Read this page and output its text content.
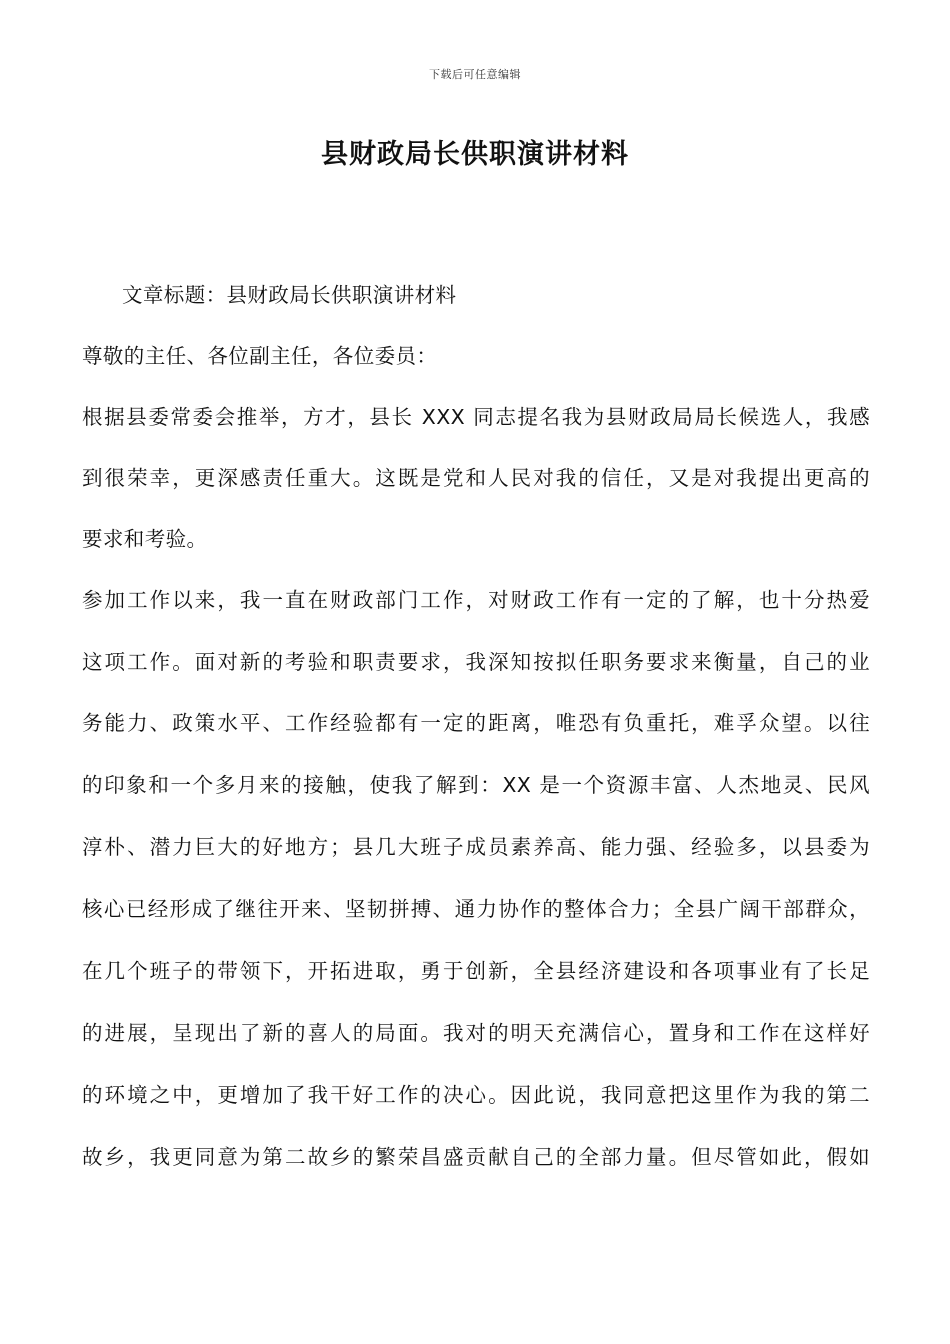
下载后可任意编辑
县财政局长供职演讲材料
文章标题：县财政局长供职演讲材料
尊敬的主任、各位副主任，各位委员：
根据县委常委会推举，方才，县长 XXX 同志提名我为县财政局局长候选人，我感
到很荣幸，更深感责任重大。这既是党和人民对我的信任，又是对我提出更高的
要求和考验。
参加工作以来，我一直在财政部门工作，对财政工作有一定的了解，也十分热爱
这项工作。面对新的考验和职责要求，我深知按拟任职务要求来衡量，自己的业
务能力、政策水平、工作经验都有一定的距离，唯恐有负重托，难孚众望。以往
的印象和一个多月来的接触，使我了解到：XX 是一个资源丰富、人杰地灵、民风
淳朴、潜力巨大的好地方；县几大班子成员素养高、能力强、经验多，以县委为
核心已经形成了继往开来、坚韧拼搏、通力协作的整体合力；全县广阔干部群众，
在几个班子的带领下，开拓进取，勇于创新，全县经济建设和各项事业有了长足
的进展，呈现出了新的喜人的局面。我对的明天充满信心，置身和工作在这样好
的环境之中，更增加了我干好工作的决心。因此说，我同意把这里作为我的第二
故乡，我更同意为第二故乡的繁荣昌盛贡献自己的全部力量。但尽管如此，假如
